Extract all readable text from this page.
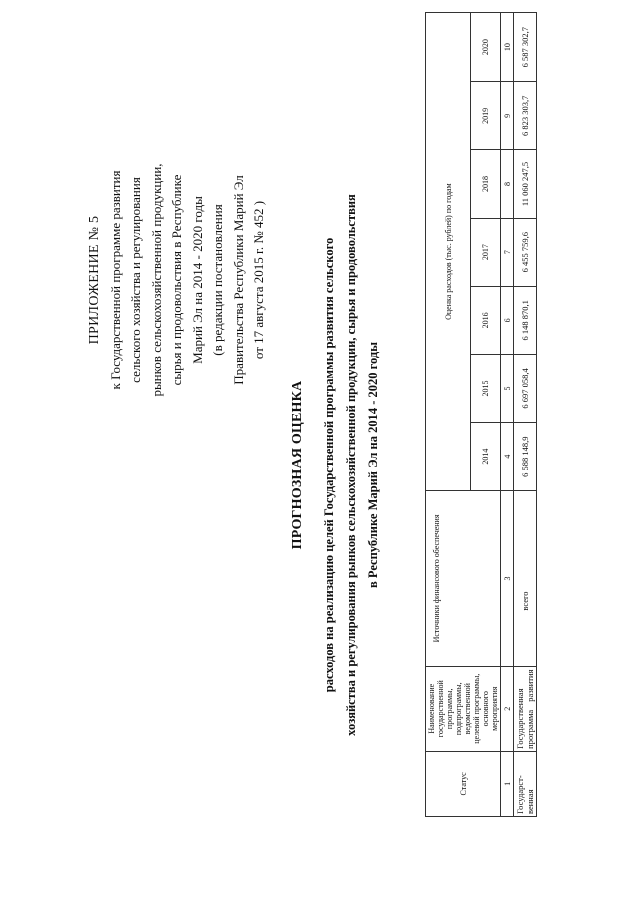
ПРИЛОЖЕНИЕ № 5 к Государственной программе развития сельского хозяйства и регулирования рынков сельскохозяйственной продукции, сырья и продовольствия в Республике Марий Эл на 2014 - 2020 годы (в редакции постановления Правительства Республики Марий Эл от 17 августа 2015 г. № 452 )
ПРОГНОЗНАЯ ОЦЕНКА	расходов на реализацию целей Государственной программы развития сельского хозяйства и регулирования рынков сельскохозяйственной продукции, сырья и продовольствия в Республике Марий Эл на 2014 - 2020 годы
Статус	Наименование государственной программы, подпрограммы, ведомственной целевой программы, основного мероприятия	Источники финансового обеспечения	Оценка расходов (тыс. рублей) по годам						
			2014	2015	2016	2017	2018	2019	2020
1	2	3	4	5	6	7	8	9	10
Государст-венная	Государственная программа развития	всего	6 588 148,9	6 697 058,4	6 148 870,1	6 455 759,6	11 060 247,5	6 823 303,7	6 587 302,7
